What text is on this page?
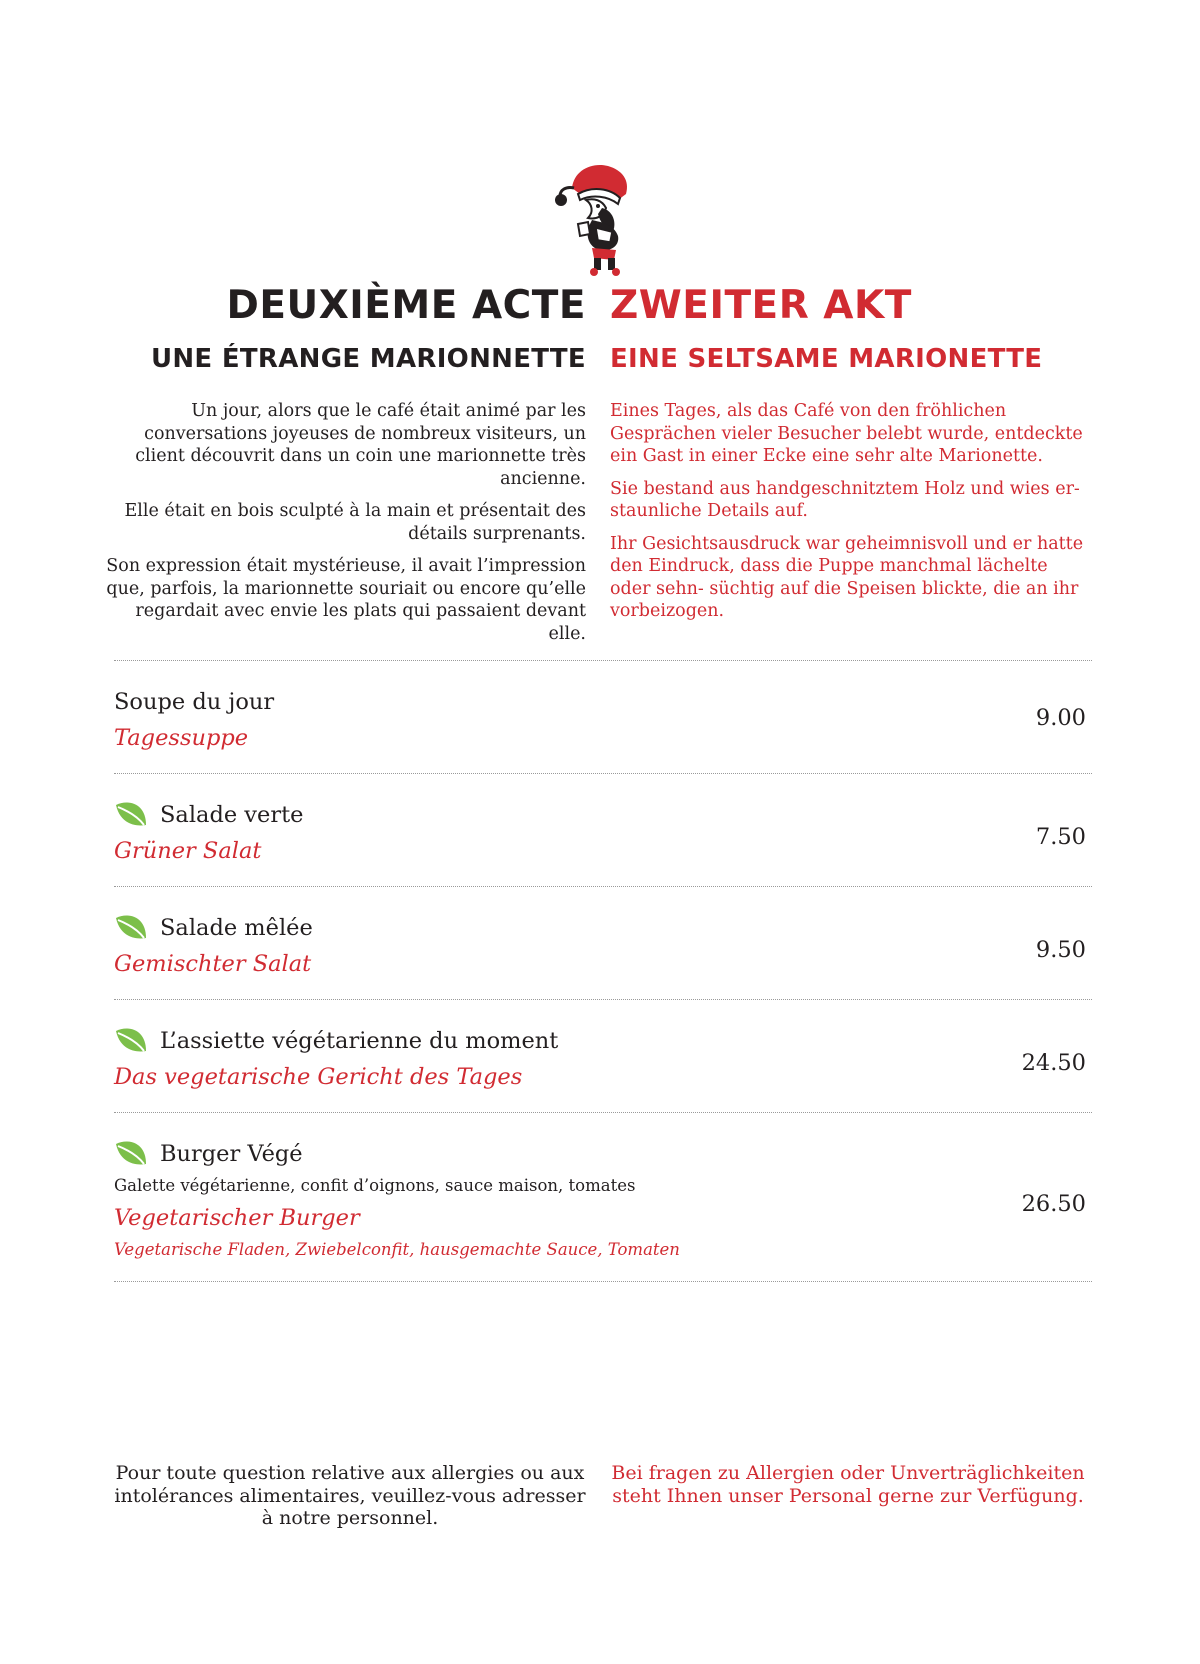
DEUXIÈME ACTE ZWEITER AKT
UNE ÉTRANGE MARIONNETTE EINE SELTSAME MARIONETTE

Un jour, alors que le café était animé par les conversations joyeuses de nombreux visiteurs, un client découvrit dans un coin une marionnette très ancienne.

Elle était en bois sculpté à la main et présentait des détails surprenants.

Son expression était mystérieuse, il avait l’impression que, parfois, la marionnette souriait ou encore qu’elle regardait avec envie les plats qui passaient devant elle.

Eines Tages, als das Café von den fröhlichen Gesprächen vieler Besucher belebt wurde, entdeckte ein Gast in einer Ecke eine sehr alte Marionette.

Sie bestand aus handgeschnitztem Holz und wies er- staunliche Details auf.

Ihr Gesichtsausdruck war geheimnisvoll und er hatte den Eindruck, dass die Puppe manchmal lächelte oder sehn- süchtig auf die Speisen blickte, die an ihr vorbeizogen.

Soupe du jour
Tagessuppe
9.00
Salade verte
Grüner Salat
7.50
Salade mêlée
Gemischter Salat
9.50
L’assiette végétarienne du moment
Das vegetarische Gericht des Tages
24.50
Burger Végé
Galette végétarienne, confit d’oignons, sauce maison, tomates
Vegetarischer Burger
Vegetarische Fladen, Zwiebelconfit, hausgemachte Sauce, Tomaten
26.50
Pour toute question relative aux allergies ou aux intolérances alimentaires, veuillez-vous adresser à notre personnel.
Bei fragen zu Allergien oder Unverträglichkeiten steht Ihnen unser Personal gerne zur Verfügung.
